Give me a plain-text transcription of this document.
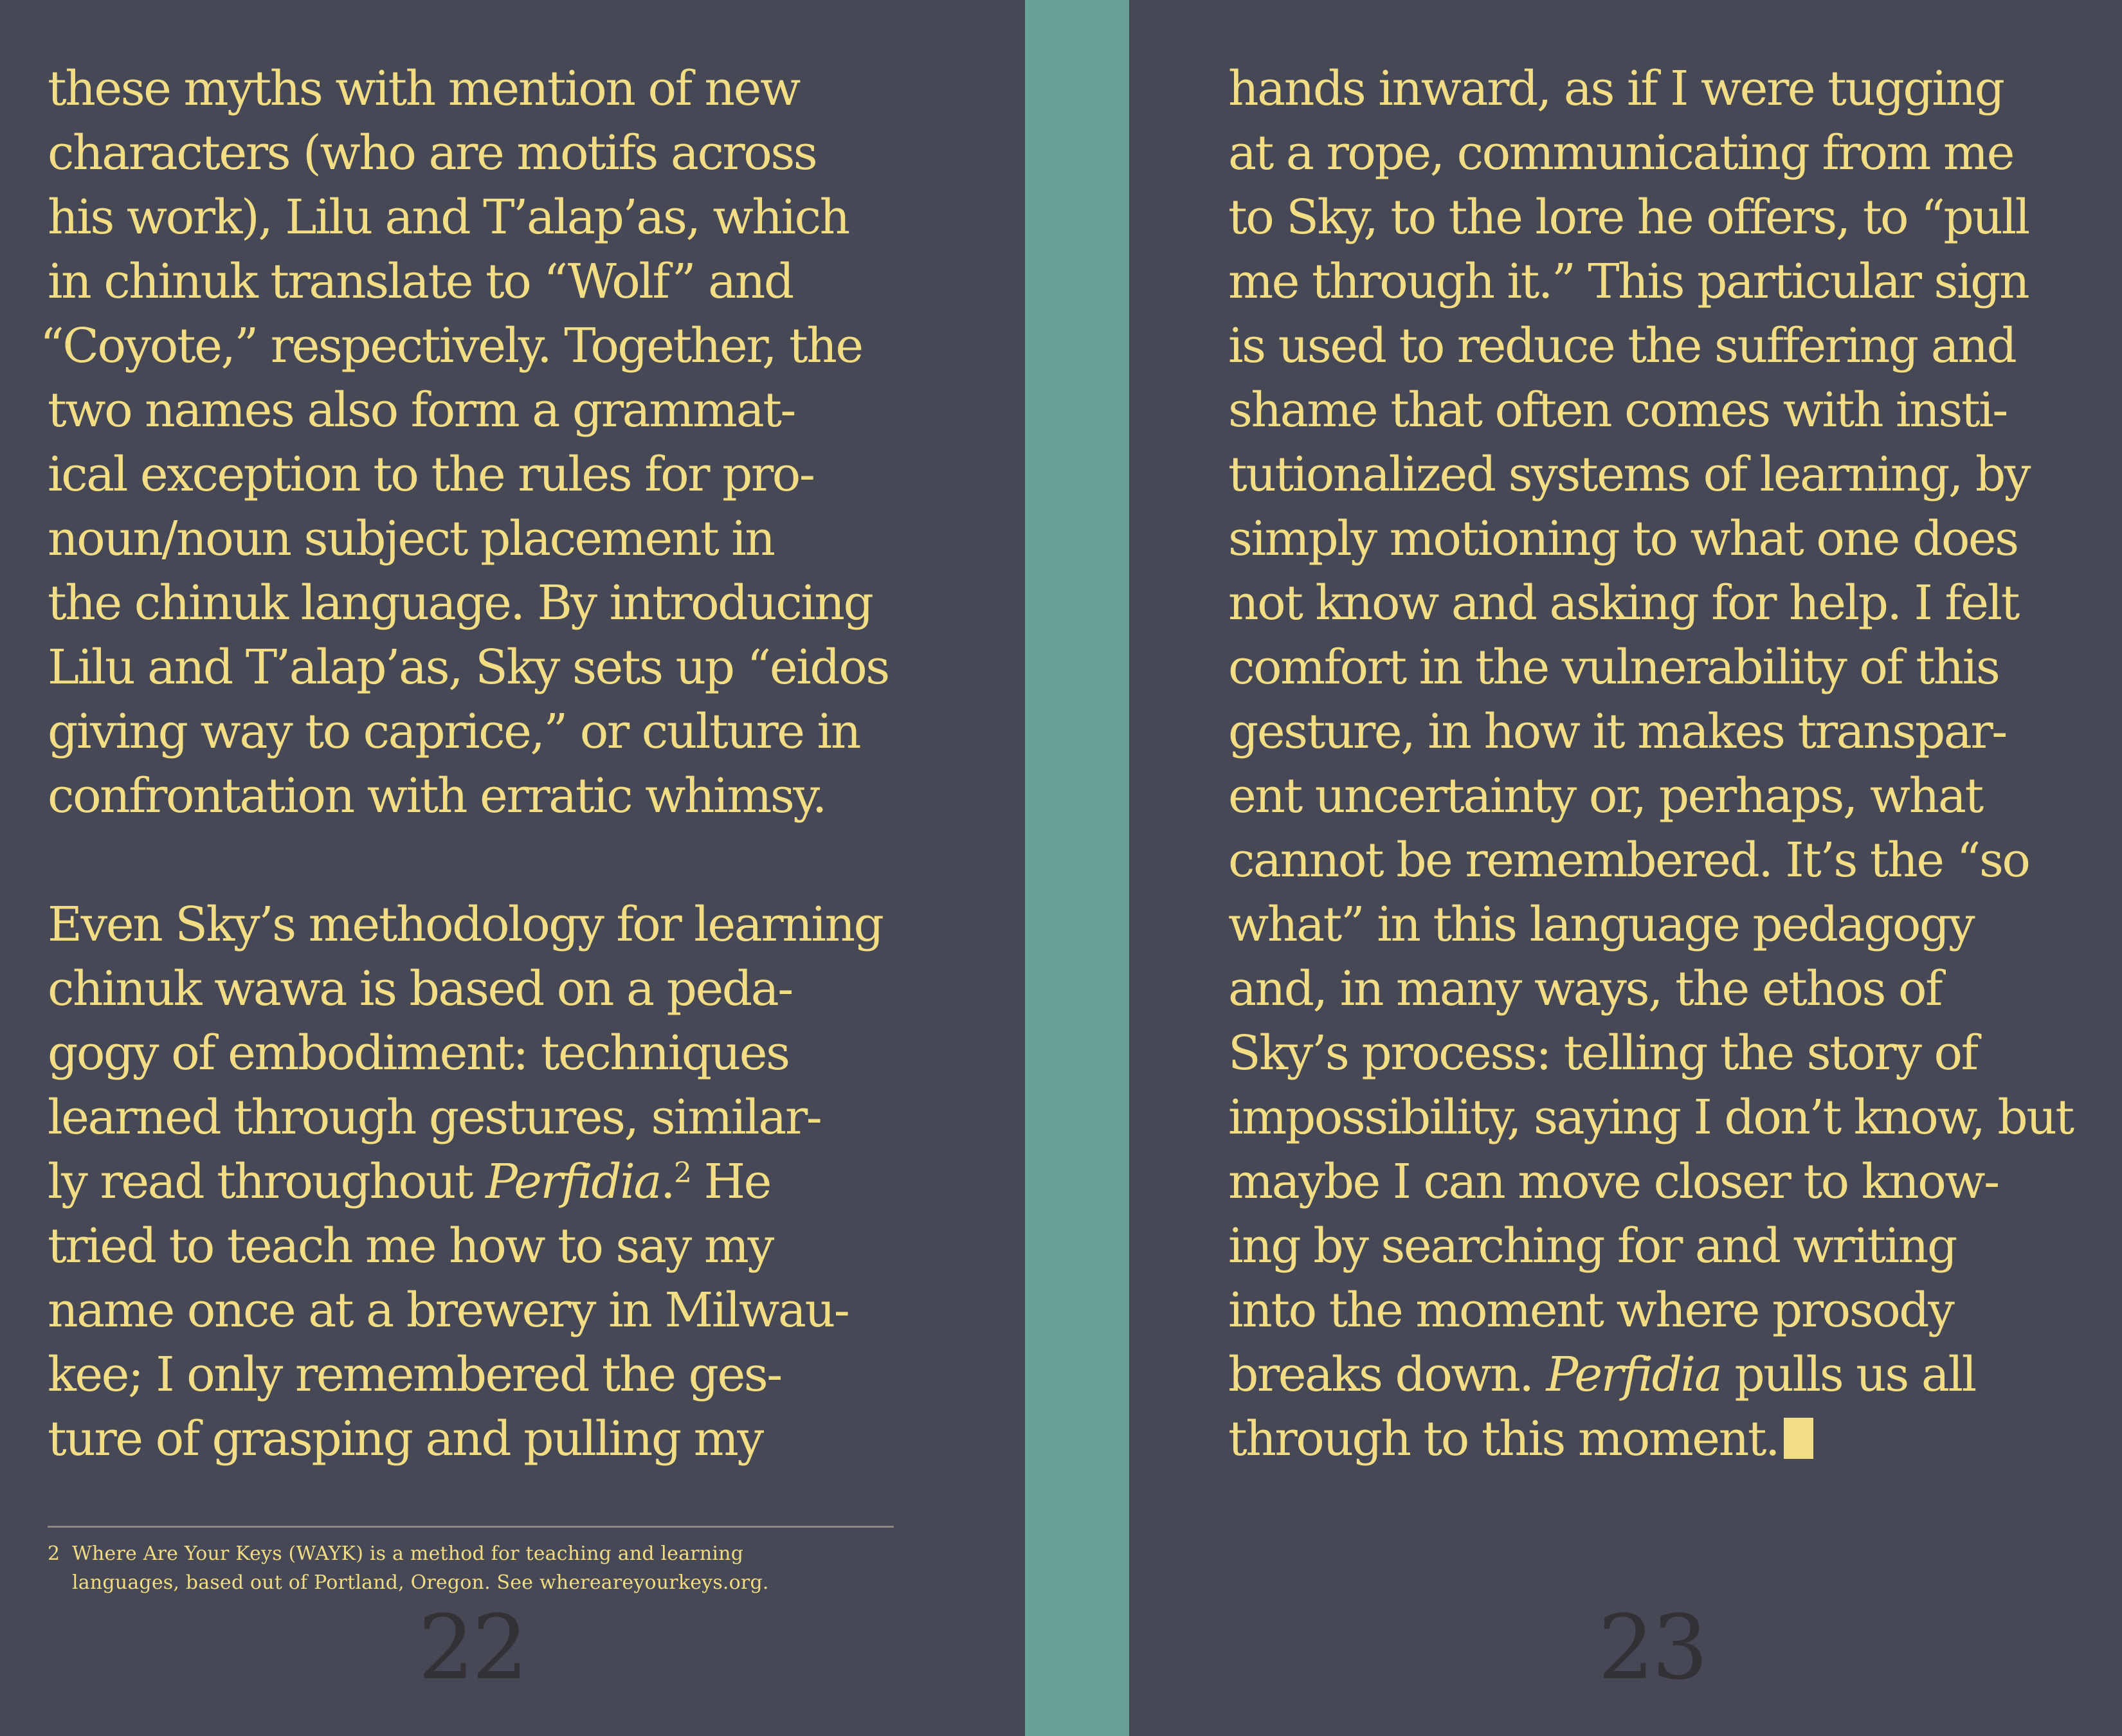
these myths with mention of new
characters (who are motifs across
his work), Lilu and T’alap’as, which
in chinuk translate to “Wolf” and
“Coyote,” respectively. Together, the
two names also form a grammat-
ical exception to the rules for pro-
noun/noun subject placement in
the chinuk language. By introducing
Lilu and T’alap’as, Sky sets up “eidos
giving way to caprice,” or culture in
confrontation with erratic whimsy.
Even Sky’s methodology for learning
chinuk wawa is based on a peda-
gogy of embodiment: techniques
learned through gestures, similar-
ly read throughout Perfidia.$^2$ He
tried to teach me how to say my
name once at a brewery in Milwau-
kee; I only remembered the ges-
ture of grasping and pulling my
2 Where Are Your Keys (WAYK) is a method for teaching and learning
languages, based out of Portland, Oregon. See whereareyourkeys.org.
22
hands inward, as if I were tugging
at a rope, communicating from me
to Sky, to the lore he offers, to “pull
me through it.” This particular sign
is used to reduce the suffering and
shame that often comes with insti-
tutionalized systems of learning, by
simply motioning to what one does
not know and asking for help. I felt
comfort in the vulnerability of this
gesture, in how it makes transpar-
ent uncertainty or, perhaps, what
cannot be remembered. It’s the “so
what” in this language pedagogy
and, in many ways, the ethos of
Sky’s process: telling the story of
impossibility, saying I don’t know, but
maybe I can move closer to know-
ing by searching for and writing
into the moment where prosody
breaks down. Perfidia pulls us all
through to this moment.
23
